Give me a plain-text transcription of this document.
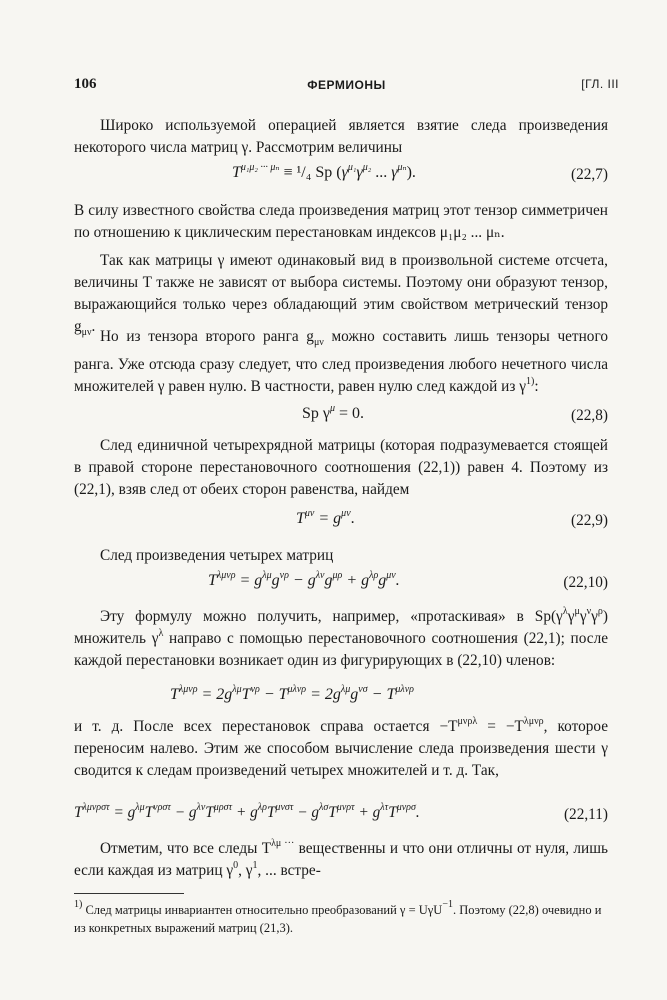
106	ФЕРМИОНЫ	[ГЛ. III

Широко используемой операцией является взятие следа произведения некоторого числа матриц γ. Рассмотрим величины

$T^{\mu_1\mu_2 \cdot\cdot\cdot \mu_n} \equiv ^1/_4$ Sp ($\gamma^{\mu_1}\gamma^{\mu_2}$ ... $\gamma^{\mu_n}$).	(22,7)

В силу известного свойства следа произведения матриц этот тензор симметричен по отношению к циклическим перестановкам индексов μ₁μ₂ ... μₙ.

Так как матрицы γ имеют одинаковый вид в произвольной системе отсчета, величины T также не зависят от выбора системы. Поэтому они образуют тензор, выражающийся только через обладающий этим свойством метрический тензор $g_{\mu\nu}$.

Но из тензора второго ранга $g_{\mu\nu}$ можно составить лишь тензоры четного ранга. Уже отсюда сразу следует, что след произведения любого нечетного числа множителей γ равен нулю. В частности, равен нулю след каждой из $\gamma^{1)}$:

Sp $\gamma^\mu = 0$.	(22,8)

След единичной четырехрядной матрицы (которая подразумевается стоящей в правой стороне перестановочного соотношения (22,1)) равен 4. Поэтому из (22,1), взяв след от обеих сторон равенства, найдем

$T^{\mu\nu} = g^{\mu\nu}$.	(22,9)

След произведения четырех матриц

$T^{\lambda\mu\nu\rho} = g^{\lambda\mu}g^{\nu\rho} - g^{\lambda\nu}g^{\mu\rho} + g^{\lambda\rho}g^{\mu\nu}$.	(22,10)

Эту формулу можно получить, например, «протаскивая» в $Sp(\gamma^\lambda\gamma^\mu\gamma^\nu\gamma^\rho)$ множитель $\gamma^\lambda$ направо с помощью перестановочного соотношения (22,1); после каждой перестановки возникает один из фигурирующих в (22,10) членов:

$T^{\lambda\mu\nu\rho} = 2g^{\lambda\mu}T^{\nu\rho} - T^{\mu\lambda\nu\rho} = 2g^{\lambda\mu}g^{\nu\sigma} - T^{\mu\lambda\nu\rho}$

и т. д. После всех перестановок справа остается $-T^{\mu\nu\rho\lambda} = -T^{\lambda\mu\nu\rho}$, которое переносим налево. Этим же способом вычисление следа произведения шести γ сводится к следам произведений четырех множителей и т. д. Так,

$T^{\lambda\mu\nu\rho\sigma\tau} = g^{\lambda\mu}T^{\nu\rho\sigma\tau} - g^{\lambda\nu}T^{\mu\rho\sigma\tau} + g^{\lambda\rho}T^{\mu\nu\sigma\tau} - g^{\lambda\sigma}T^{\mu\nu\rho\tau} + g^{\lambda\tau}T^{\mu\nu\rho\sigma}$.	(22,11)

Отметим, что все следы $T^{\lambda\mu \cdot\cdot\cdot}$ вещественны и что они отличны от нуля, лишь если каждая из матриц $\gamma^0$, $\gamma^1$, ... встре-

$^{1)}$ След матрицы инвариантен относительно преобразований γ = UγU$^{-1}$. Поэтому (22,8) очевидно и из конкретных выражений матриц (21,3).
